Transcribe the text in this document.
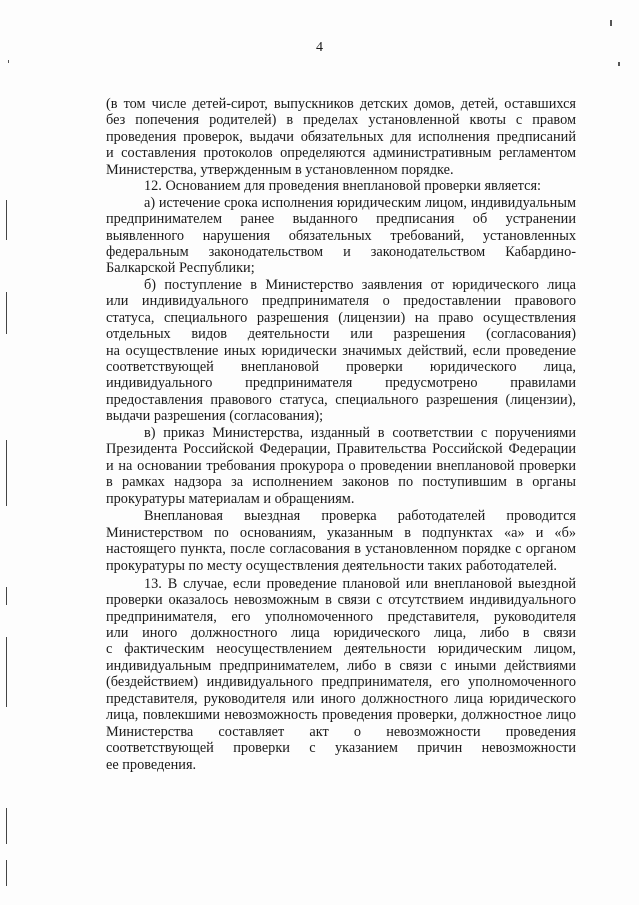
4
(в том числе детей-сирот, выпускников детских домов, детей, оставшихся
без попечения родителей) в пределах установленной квоты с правом
проведения проверок, выдачи обязательных для исполнения предписаний
и составления протоколов определяются административным регламентом
Министерства, утвержденным в установленном порядке.
12. Основанием для проведения внеплановой проверки является:
а) истечение срока исполнения юридическим лицом, индивидуальным
предпринимателем ранее выданного предписания об устранении
выявленного нарушения обязательных требований, установленных
федеральным законодательством и законодательством Кабардино-
Балкарской Республики;
б) поступление в Министерство заявления от юридического лица
или индивидуального предпринимателя о предоставлении правового
статуса, специального разрешения (лицензии) на право осуществления
отдельных видов деятельности или разрешения (согласования)
на осуществление иных юридически значимых действий, если проведение
соответствующей внеплановой проверки юридического лица,
индивидуального предпринимателя предусмотрено правилами
предоставления правового статуса, специального разрешения (лицензии),
выдачи разрешения (согласования);
в) приказ Министерства, изданный в соответствии с поручениями
Президента Российской Федерации, Правительства Российской Федерации
и на основании требования прокурора о проведении внеплановой проверки
в рамках надзора за исполнением законов по поступившим в органы
прокуратуры материалам и обращениям.
Внеплановая выездная проверка работодателей проводится
Министерством по основаниям, указанным в подпунктах «а» и «б»
настоящего пункта, после согласования в установленном порядке с органом
прокуратуры по месту осуществления деятельности таких работодателей.
13. В случае, если проведение плановой или внеплановой выездной
проверки оказалось невозможным в связи с отсутствием индивидуального
предпринимателя, его уполномоченного представителя, руководителя
или иного должностного лица юридического лица, либо в связи
с фактическим неосуществлением деятельности юридическим лицом,
индивидуальным предпринимателем, либо в связи с иными действиями
(бездействием) индивидуального предпринимателя, его уполномоченного
представителя, руководителя или иного должностного лица юридического
лица, повлекшими невозможность проведения проверки, должностное лицо
Министерства составляет акт о невозможности проведения
соответствующей проверки с указанием причин невозможности
ее проведения.
